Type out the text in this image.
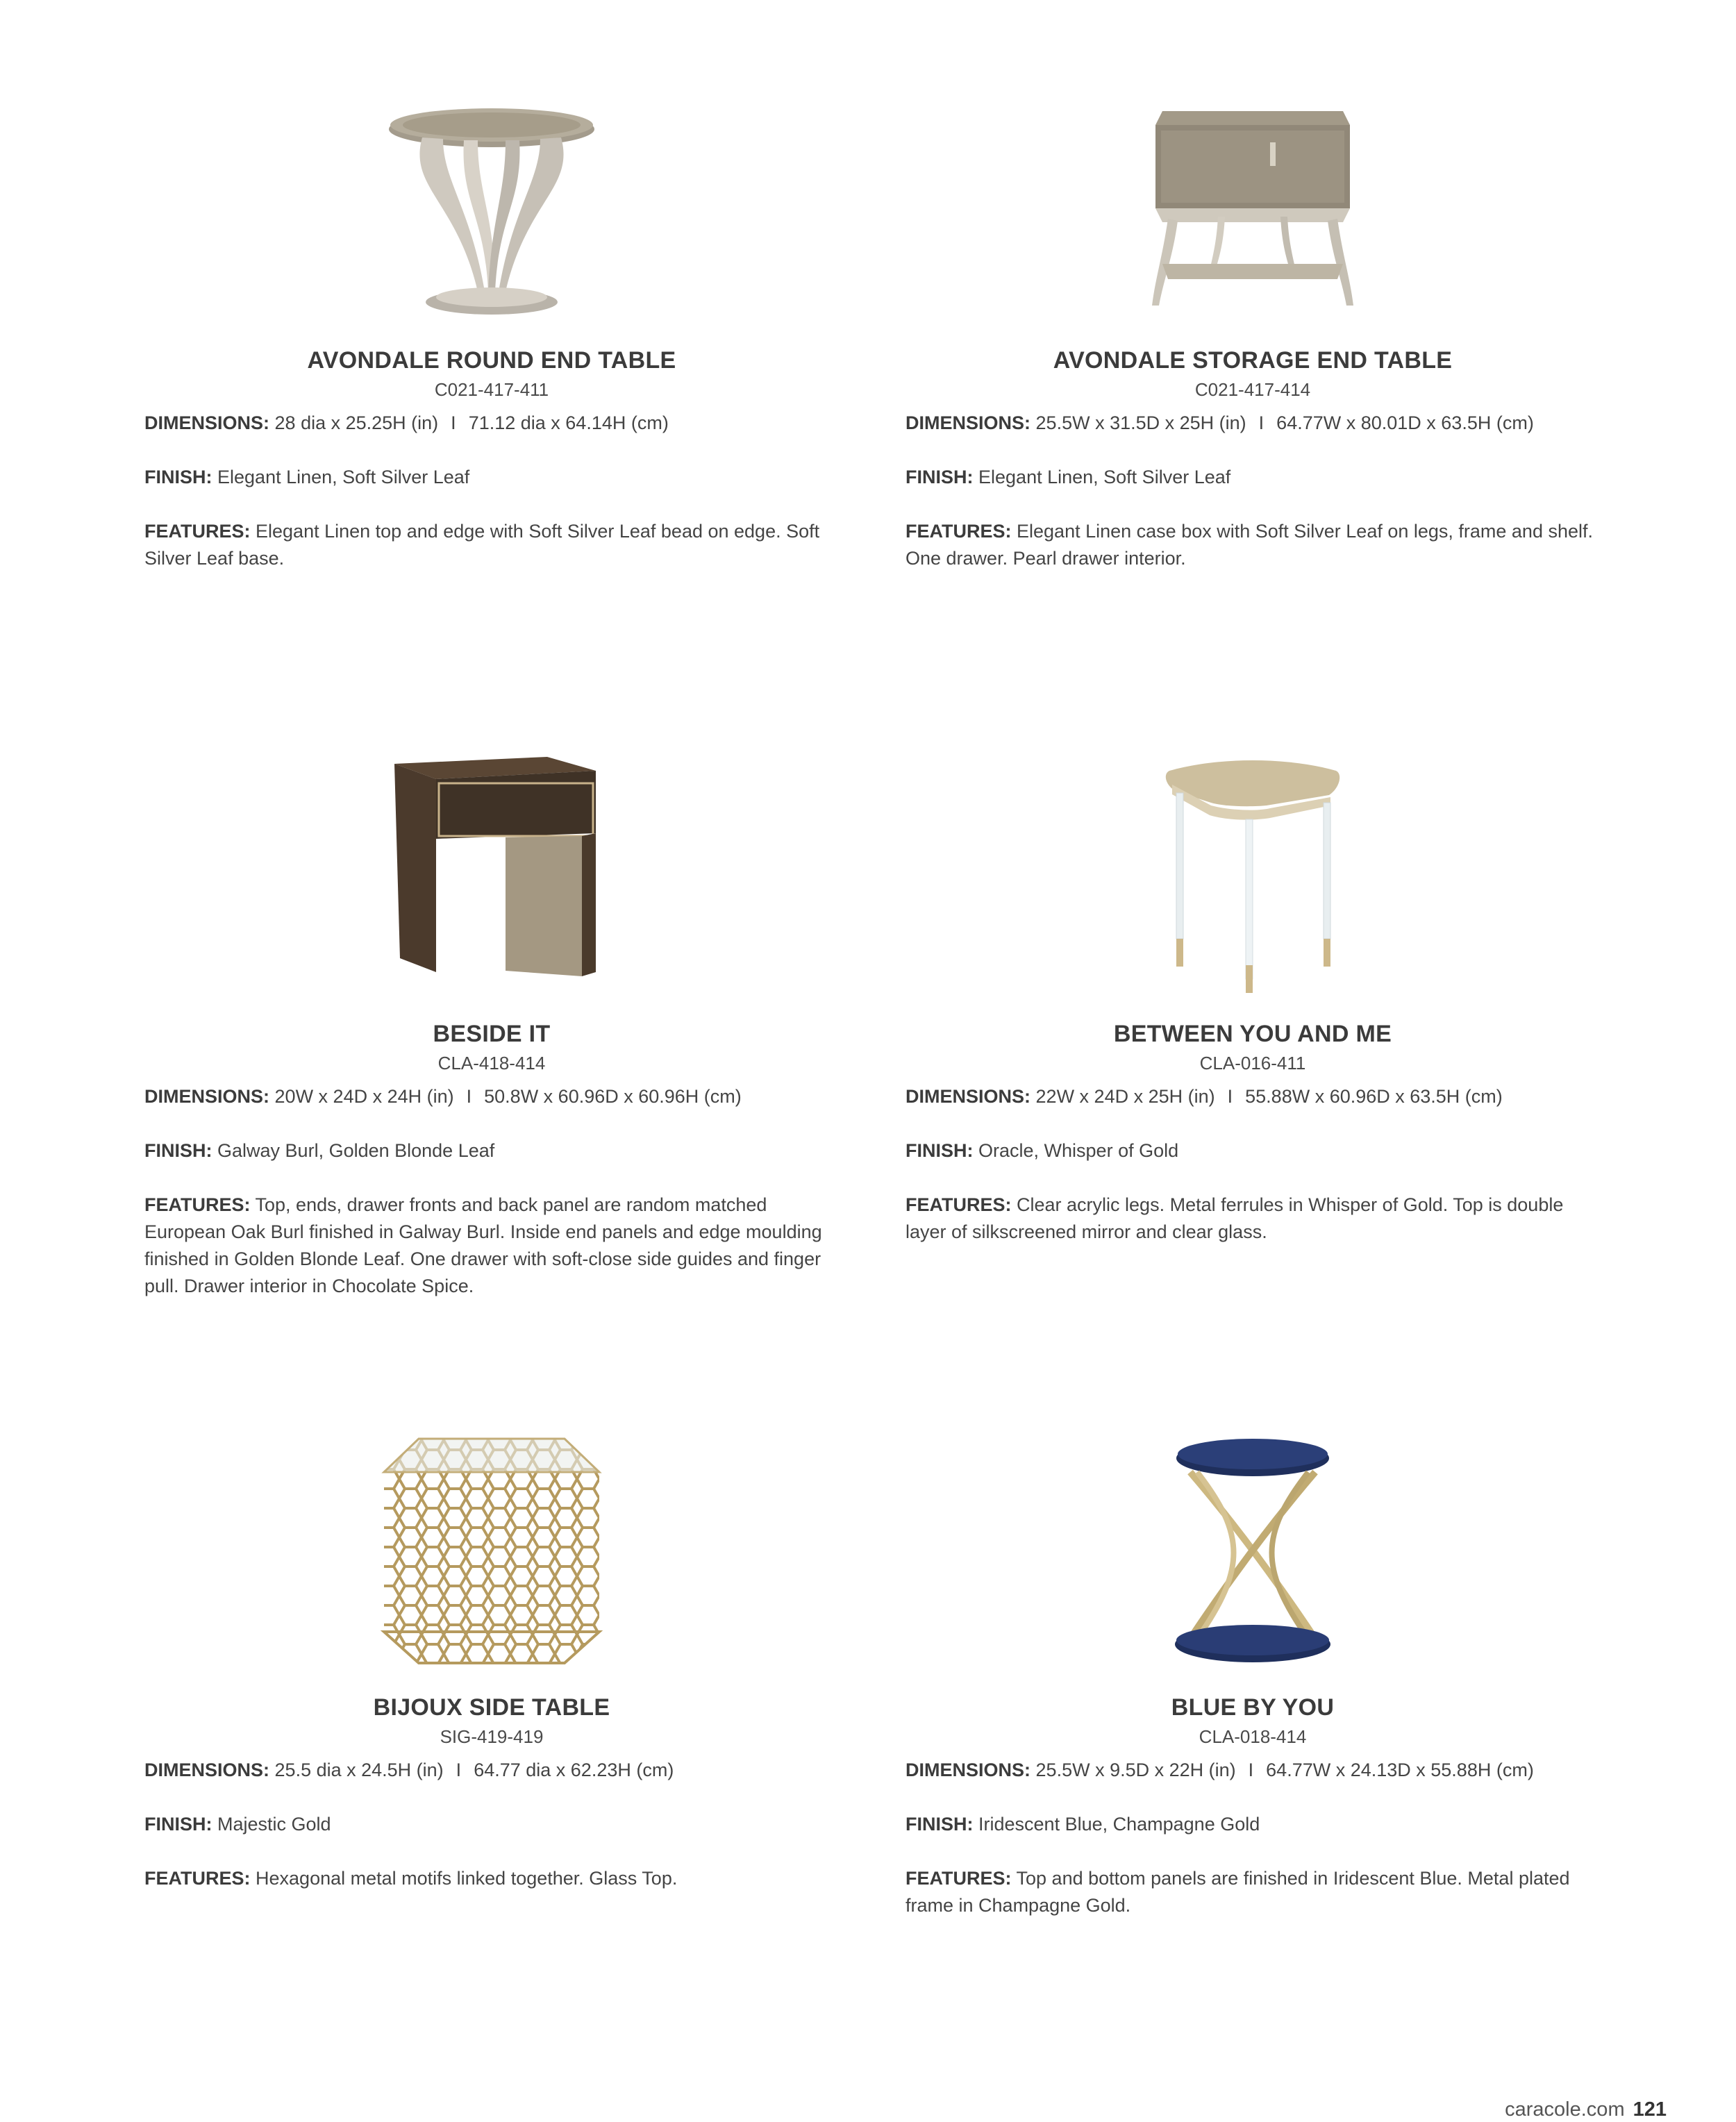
AVONDALE ROUND END TABLE
C021-417-411
DIMENSIONS: 28 dia x 25.25H (in) I 71.12 dia x 64.14H (cm)
FINISH: Elegant Linen, Soft Silver Leaf
FEATURES: Elegant Linen top and edge with Soft Silver Leaf bead on edge. Soft Silver Leaf base.
AVONDALE STORAGE END TABLE
C021-417-414
DIMENSIONS: 25.5W x 31.5D x 25H (in) I 64.77W x 80.01D x 63.5H (cm)
FINISH: Elegant Linen, Soft Silver Leaf
FEATURES: Elegant Linen case box with Soft Silver Leaf on legs, frame and shelf. One drawer. Pearl drawer interior.
BESIDE IT
CLA-418-414
DIMENSIONS: 20W x 24D x 24H (in) I 50.8W x 60.96D x 60.96H (cm)
FINISH: Galway Burl, Golden Blonde Leaf
FEATURES: Top, ends, drawer fronts and back panel are random matched European Oak Burl finished in Galway Burl. Inside end panels and edge moulding finished in Golden Blonde Leaf. One drawer with soft-close side guides and finger pull. Drawer interior in Chocolate Spice.
BETWEEN YOU AND ME
CLA-016-411
DIMENSIONS: 22W x 24D x 25H (in) I 55.88W x 60.96D x 63.5H (cm)
FINISH: Oracle, Whisper of Gold
FEATURES: Clear acrylic legs. Metal ferrules in Whisper of Gold. Top is double layer of silkscreened mirror and clear glass.
BIJOUX SIDE TABLE
SIG-419-419
DIMENSIONS: 25.5 dia x 24.5H (in) I 64.77 dia x 62.23H (cm)
FINISH: Majestic Gold
FEATURES: Hexagonal metal motifs linked together. Glass Top.
BLUE BY YOU
CLA-018-414
DIMENSIONS: 25.5W x 9.5D x 22H (in) I 64.77W x 24.13D x 55.88H (cm)
FINISH: Iridescent Blue, Champagne Gold
FEATURES: Top and bottom panels are finished in Iridescent Blue. Metal plated frame in Champagne Gold.
caracole.com 121
